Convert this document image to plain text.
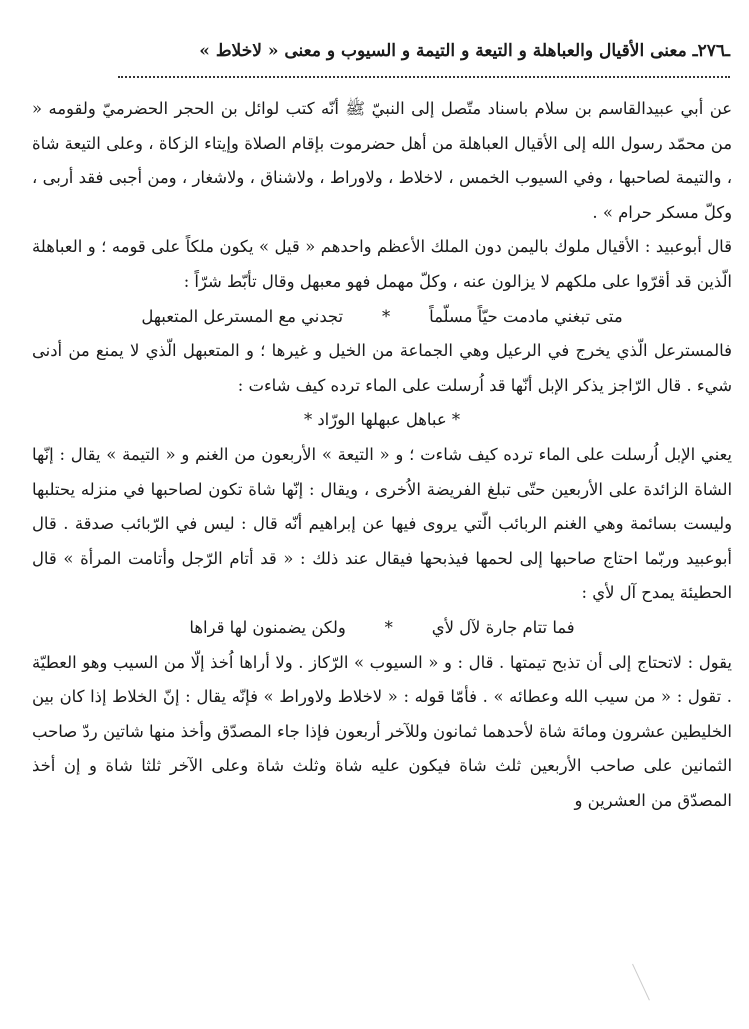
ـ٢٧٦ـ معنى الأقيال والعباهلة و التيعة و التيمة و السيوب و معنى « لاخلاط »

عن أبي عبيدالقاسم بن سلام باسناد متّصل إلى النبيّ ﷺ أنّه كتب لوائل بن الحجر الحضرميّ ولقومه « من محمّد رسول الله إلى الأقيال العباهلة من أهل حضرموت بإقام الصلاة وإيتاء الزكاة ، وعلى التيعة شاة ، والتيمة لصاحبها ، وفي السيوب الخمس ، لاخلاط ، ولاوراط ، ولاشناق ، ولاشغار ، ومن أجبى فقد أربى ، وكلّ مسكر حرام » .

قال أبوعبيد : الأقيال ملوك باليمن دون الملك الأعظم واحدهم « قيل » يكون ملكاً على قومه ؛ و العباهلة الّذين قد أقرّوا على ملكهم لا يزالون عنه ، وكلّ مهمل فهو معبهل وقال تأبّط شرّاً :

متى تبغني مادمت حيّاً مسلّماً
*
تجدني مع المسترعل المتعبهل

فالمسترعل الّذي يخرج في الرعيل وهي الجماعة من الخيل و غيرها ؛ و المتعبهل الّذي لا يمنع من أدنى شيء . قال الرّاجز يذكر الإبل أنّها قد اُرسلت على الماء ترده كيف شاءت :

* عباهل عبهلها الورّاد *

يعني الإبل اُرسلت على الماء ترده كيف شاءت ؛ و « التيعة » الأربعون من الغنم و « التيمة » يقال : إنّها الشاة الزائدة على الأربعين حتّى تبلغ الفريضة الاُخرى ، ويقال : إنّها شاة تكون لصاحبها في منزله يحتلبها وليست بسائمة وهي الغنم الربائب الّتي يروى فيها عن إبراهيم أنّه قال : ليس في الرّبائب صدقة . قال أبوعبيد وربّما احتاج صاحبها إلى لحمها فيذبحها فيقال عند ذلك : « قد أتام الرّجل وأتامت المرأة » قال الحطيئة يمدح آل لأي :

فما تتام جارة لآل لأي
*
ولكن يضمنون لها قراها

يقول : لاتحتاج إلى أن تذبح تيمتها . قال : و « السيوب » الرّكاز . ولا أراها اُخذ إلّا من السيب وهو العطيّة . تقول : « من سيب الله وعطائه » . فأمّا قوله : « لاخلاط ولاوراط » فإنّه يقال : إنّ الخلاط إذا كان بين الخليطين عشرون ومائة شاة لأحدهما ثمانون وللآخر أربعون فإذا جاء المصدّق وأخذ منها شاتين ردّ صاحب الثمانين على صاحب الأربعين ثلث شاة فيكون عليه شاة وثلث شاة وعلى الآخر ثلثا شاة و إن أخذ المصدّق من العشرين و
